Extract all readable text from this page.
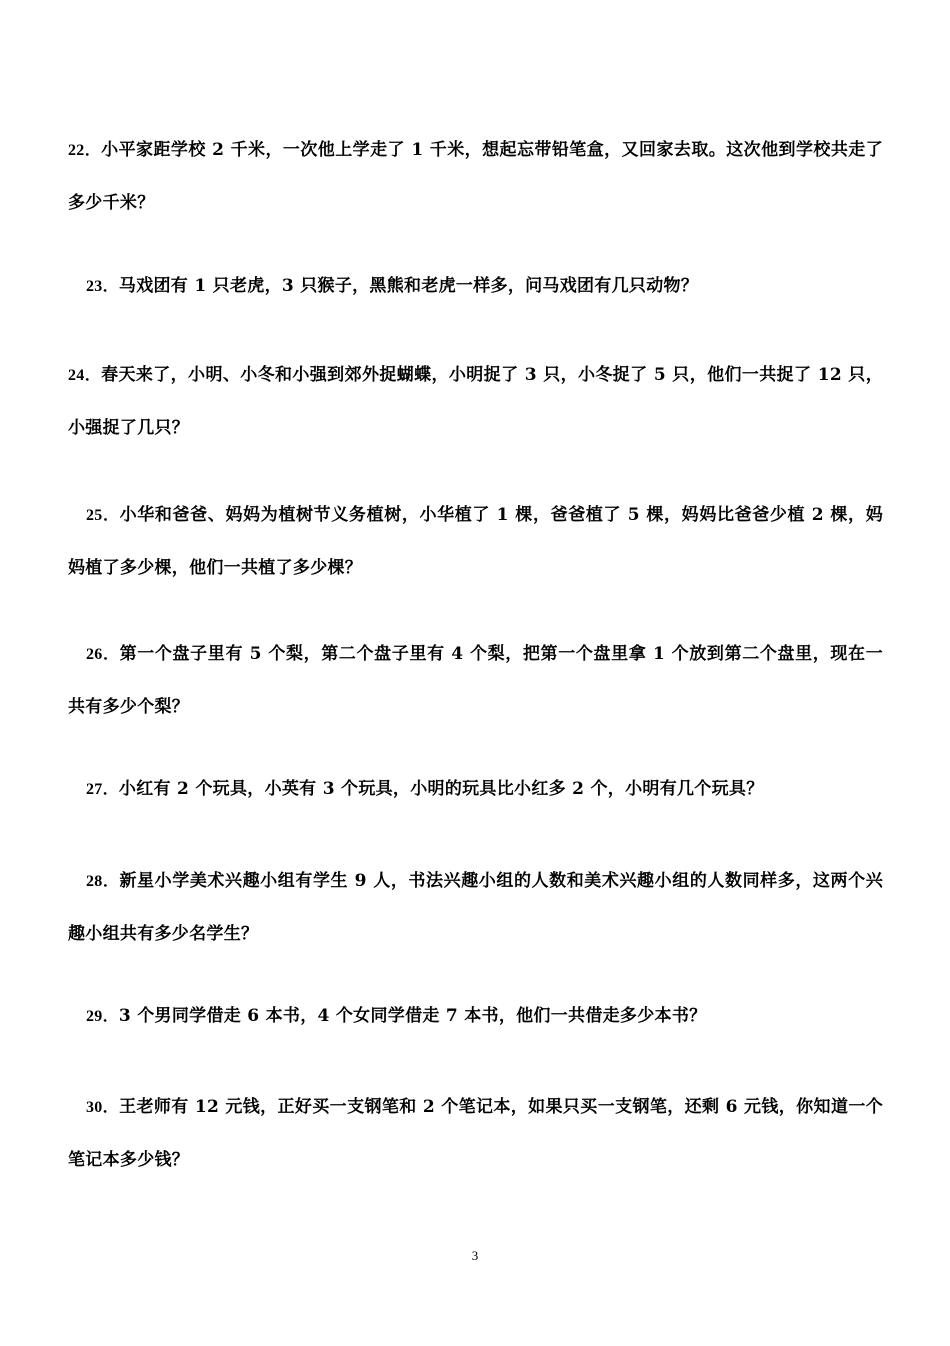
22．小平家距学校 2 千米，一次他上学走了 1 千米，想起忘带铅笔盒，又回家去取。这次他到学校共走了多少千米？
23．马戏团有 1 只老虎，3 只猴子，黑熊和老虎一样多，问马戏团有几只动物？
24．春天来了，小明、小冬和小强到郊外捉蝴蝶，小明捉了 3 只，小冬捉了 5 只，他们一共捉了 12 只，小强捉了几只？
25．小华和爸爸、妈妈为植树节义务植树，小华植了 1 棵，爸爸植了 5 棵，妈妈比爸爸少植 2 棵，妈妈植了多少棵，他们一共植了多少棵？
26．第一个盘子里有 5 个梨，第二个盘子里有 4 个梨，把第一个盘里拿 1 个放到第二个盘里，现在一共有多少个梨？
27．小红有 2 个玩具，小英有 3 个玩具，小明的玩具比小红多 2 个，小明有几个玩具？
28．新星小学美术兴趣小组有学生 9 人，书法兴趣小组的人数和美术兴趣小组的人数同样多，这两个兴趣小组共有多少名学生？
29．3 个男同学借走 6 本书，4 个女同学借走 7 本书，他们一共借走多少本书？
30．王老师有 12 元钱，正好买一支钢笔和 2 个笔记本，如果只买一支钢笔，还剩 6 元钱，你知道一个笔记本多少钱？
3
